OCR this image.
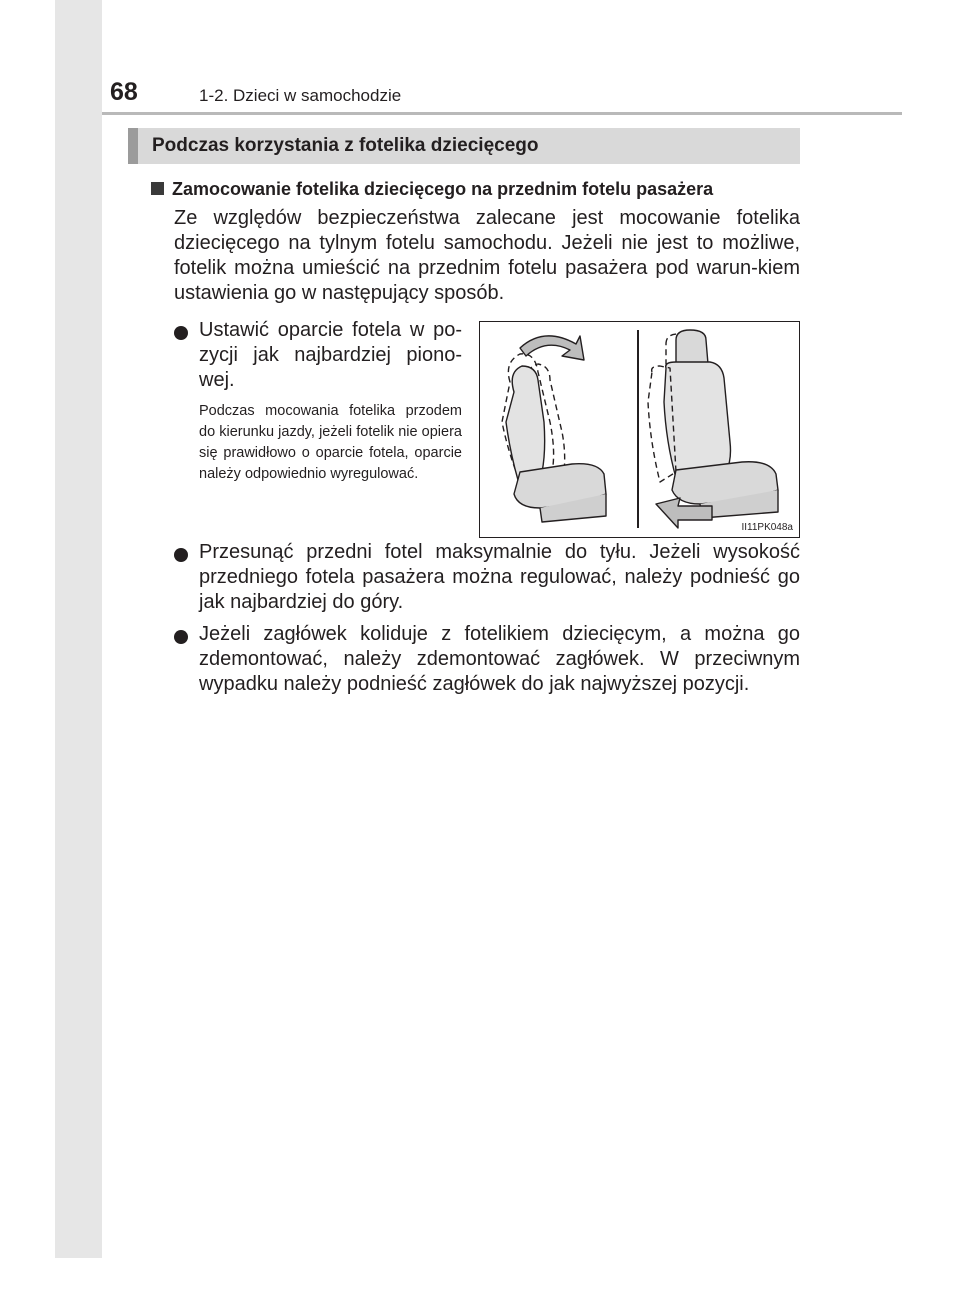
68	1-2. Dzieci w samochodzie
Podczas korzystania z fotelika dziecięcego
Zamocowanie fotelika dziecięcego na przednim fotelu pasażera
Ze względów bezpieczeństwa zalecane jest mocowanie fotelika dziecięcego na tylnym fotelu samochodu. Jeżeli nie jest to możliwe, fotelik można umieścić na przednim fotelu pasażera pod warun-kiem ustawienia go w następujący sposób.
Ustawić oparcie fotela w po-zycji jak najbardziej piono-wej.
Podczas mocowania fotelika przodem do kierunku jazdy, jeżeli fotelik nie opiera się prawidłowo o oparcie fotela, oparcie należy odpowiednio wyregulować.
II11PK048a
Przesunąć przedni fotel maksymalnie do tyłu. Jeżeli wysokość przedniego fotela pasażera można regulować, należy podnieść go jak najbardziej do góry.
Jeżeli zagłówek koliduje z fotelikiem dziecięcym, a można go zdemontować, należy zdemontować zagłówek. W przeciwnym wypadku należy podnieść zagłówek do jak najwyższej pozycji.
